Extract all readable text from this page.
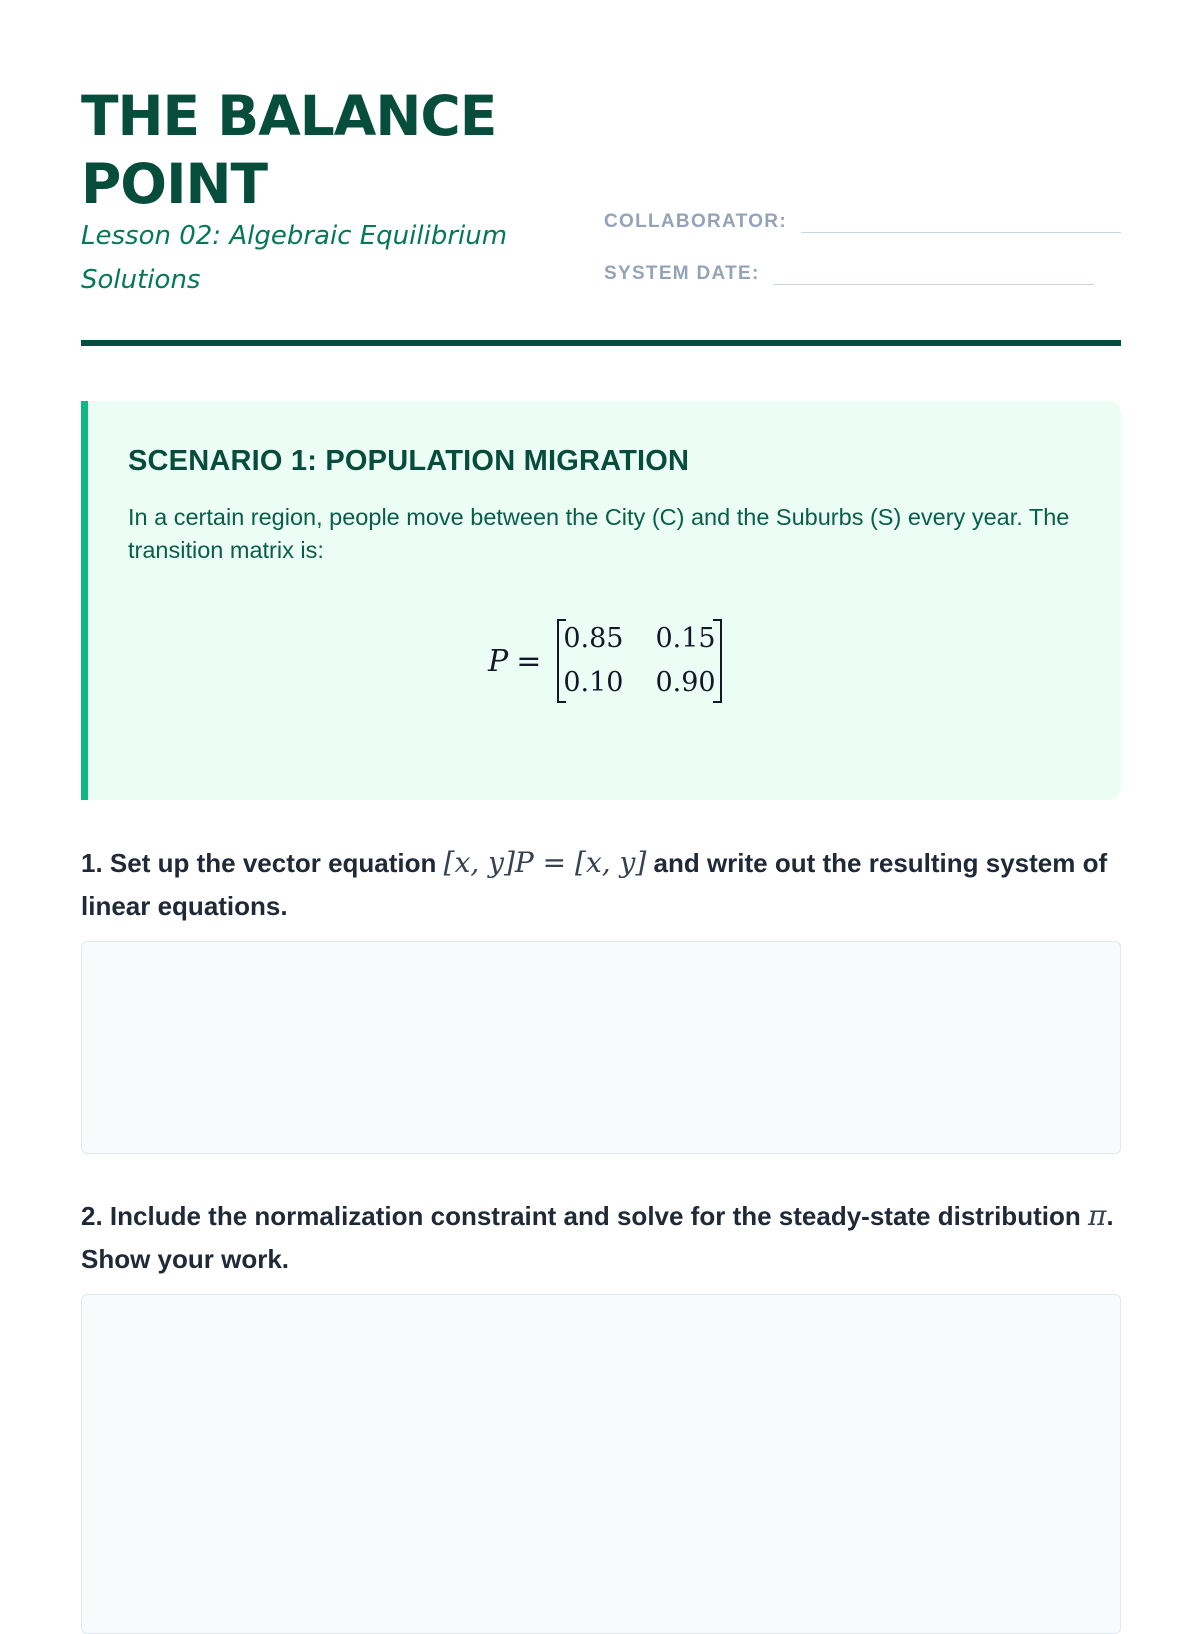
THE BALANCE POINT

Lesson 02: Algebraic Equilibrium Solutions

COLLABORATOR:
SYSTEM DATE:
SCENARIO 1: POPULATION MIGRATION

In a certain region, people move between the City (C) and the Suburbs (S) every year. The transition matrix is:

P =
0.85 0.15
0.10 0.90

1. Set up the vector equation [x, y]P = [x, y] and write out the resulting system of linear equations.

2. Include the normalization constraint and solve for the steady-state distribution π. Show your work.
